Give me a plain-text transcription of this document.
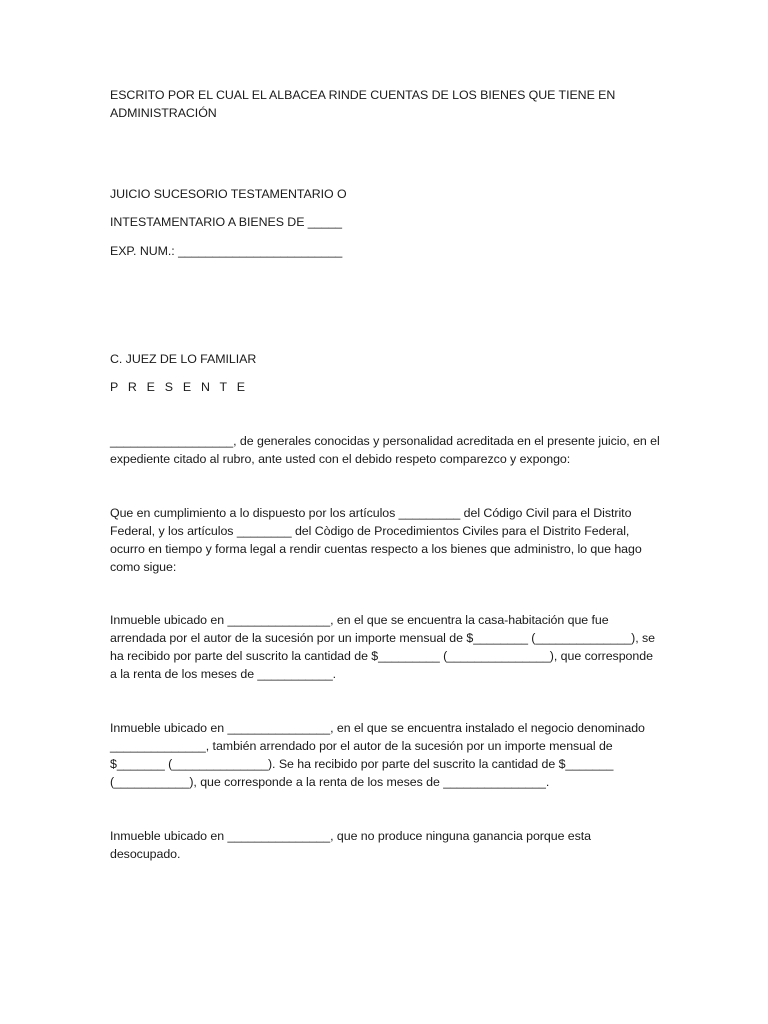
ESCRITO POR EL CUAL EL ALBACEA RINDE CUENTAS DE LOS BIENES QUE TIENE EN ADMINISTRACIÓN

JUICIO SUCESORIO TESTAMENTARIO O

INTESTAMENTARIO A BIENES DE _____

EXP. NUM.: ________________________

C. JUEZ DE LO FAMILIAR

P R E S E N T E

__________________, de generales conocidas y personalidad acreditada en el presente juicio, en el expediente citado al rubro, ante usted con el debido respeto comparezco y expongo:

Que en cumplimiento a lo dispuesto por los artículos _________ del Código Civil para el Distrito Federal, y los artículos ________ del Còdigo de Procedimientos Civiles para el Distrito Federal, ocurro en tiempo y forma legal a rendir cuentas respecto a los bienes que administro, lo que hago como sigue:

Inmueble ubicado en _______________, en el que se encuentra la casa-habitación que fue arrendada por el autor de la sucesión por un importe mensual de $________ (______________), se ha recibido por parte del suscrito la cantidad de $_________ (_______________), que corresponde a la renta de los meses de ___________.

Inmueble ubicado en _______________, en el que se encuentra instalado el negocio denominado ______________, también arrendado por el autor de la sucesión por un importe mensual de $_______ (______________). Se ha recibido por parte del suscrito la cantidad de $_______ (___________), que corresponde a la renta de los meses de _______________.

Inmueble ubicado en _______________, que no produce ninguna ganancia porque esta desocupado.
